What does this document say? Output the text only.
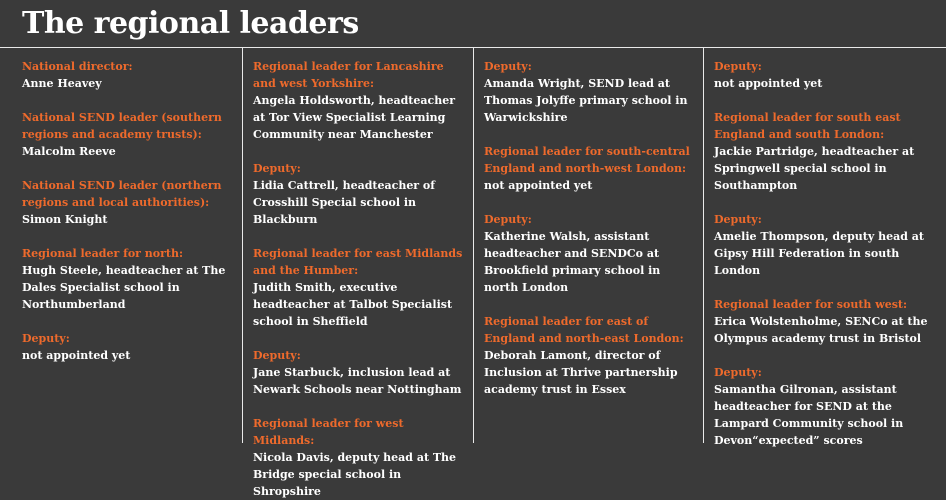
The regional leaders
National director:
Anne Heavey
National SEND leader (southern regions and academy trusts):
Malcolm Reeve
National SEND leader (northern regions and local authorities):
Simon Knight
Regional leader for north:
Hugh Steele, headteacher at The Dales Specialist school in Northumberland
Deputy:
not appointed yet
Regional leader for Lancashire and west Yorkshire:
Angela Holdsworth, headteacher at Tor View Specialist Learning Community near Manchester
Deputy:
Lidia Cattrell, headteacher of Crosshill Special school in Blackburn
Regional leader for east Midlands and the Humber:
Judith Smith, executive headteacher at Talbot Specialist school in Sheffield
Deputy:
Jane Starbuck, inclusion lead at Newark Schools near Nottingham
Regional leader for west Midlands:
Nicola Davis, deputy head at The Bridge special school in Shropshire
Deputy:
Amanda Wright, SEND lead at Thomas Jolyffe primary school in Warwickshire
Regional leader for south-central England and north-west London:
not appointed yet
Deputy:
Katherine Walsh, assistant headteacher and SENDCo at Brookfield primary school in north London
Regional leader for east of England and north-east London:
Deborah Lamont, director of Inclusion at Thrive partnership academy trust in Essex
Deputy:
not appointed yet
Regional leader for south east England and south London:
Jackie Partridge, headteacher at Springwell special school in Southampton
Deputy:
Amelie Thompson, deputy head at Gipsy Hill Federation in south London
Regional leader for south west:
Erica Wolstenholme, SENCo at the Olympus academy trust in Bristol
Deputy:
Samantha Gilronan, assistant headteacher for SEND at the Lampard Community school in Devon“expected” scores
